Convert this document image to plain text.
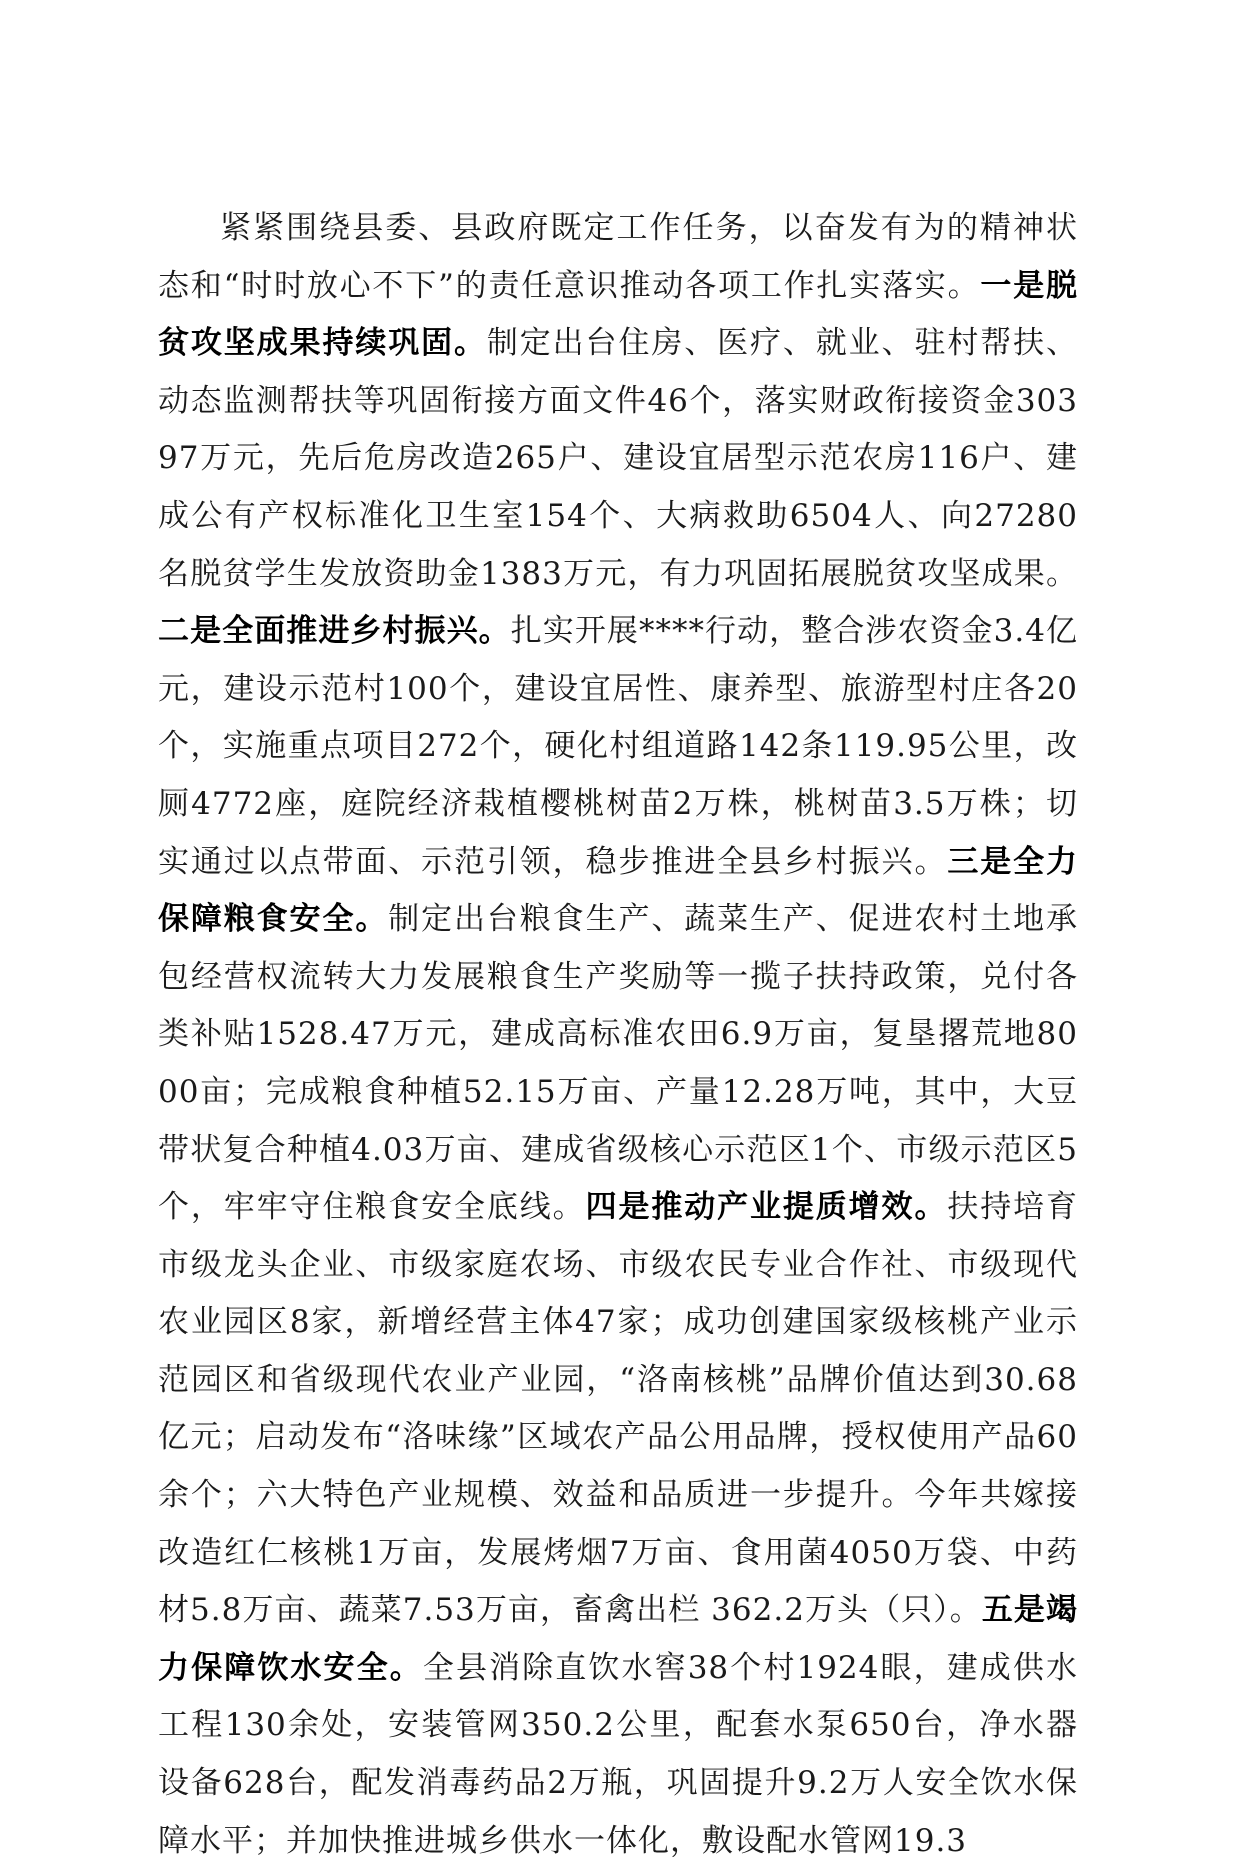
紧紧围绕县委、县政府既定工作任务，以奋发有为的精神状态和“时时放心不下”的责任意识推动各项工作扎实落实。一是脱贫攻坚成果持续巩固。制定出台住房、医疗、就业、驻村帮扶、动态监测帮扶等巩固衔接方面文件46个，落实财政衔接资金30397万元，先后危房改造265户、建设宜居型示范农房116户、建成公有产权标准化卫生室154个、大病救助6504人、向27280名脱贫学生发放资助金1383万元，有力巩固拓展脱贫攻坚成果。二是全面推进乡村振兴。扎实开展****行动，整合涉农资金3.4亿元，建设示范村100个，建设宜居性、康养型、旅游型村庄各20个，实施重点项目272个，硬化村组道路142条119.95公里，改厕4772座，庭院经济栽植樱桃树苗2万株，桃树苗3.5万株；切实通过以点带面、示范引领，稳步推进全县乡村振兴。三是全力保障粮食安全。制定出台粮食生产、蔬菜生产、促进农村土地承包经营权流转大力发展粮食生产奖励等一揽子扶持政策，兑付各类补贴1528.47万元，建成高标准农田6.9万亩，复垦撂荒地8000亩；完成粮食种植52.15万亩、产量12.28万吨，其中，大豆带状复合种植4.03万亩、建成省级核心示范区1个、市级示范区5个，牢牢守住粮食安全底线。四是推动产业提质增效。扶持培育市级龙头企业、市级家庭农场、市级农民专业合作社、市级现代农业园区8家，新增经营主体47家；成功创建国家级核桃产业示范园区和省级现代农业产业园，“洛南核桃”品牌价值达到30.68亿元；启动发布“洛味缘”区域农产品公用品牌，授权使用产品60余个；六大特色产业规模、效益和品质进一步提升。今年共嫁接改造红仁核桃1万亩，发展烤烟7万亩、食用菌4050万袋、中药材5.8万亩、蔬菜7.53万亩，畜禽出栏 362.2万头（只）。五是竭力保障饮水安全。全县消除直饮水窖38个村1924眼，建成供水工程130余处，安装管网350.2公里，配套水泵650台，净水器设备628台，配发消毒药品2万瓶，巩固提升9.2万人安全饮水保障水平；并加快推进城乡供水一体化，敷设配水管网19.3
